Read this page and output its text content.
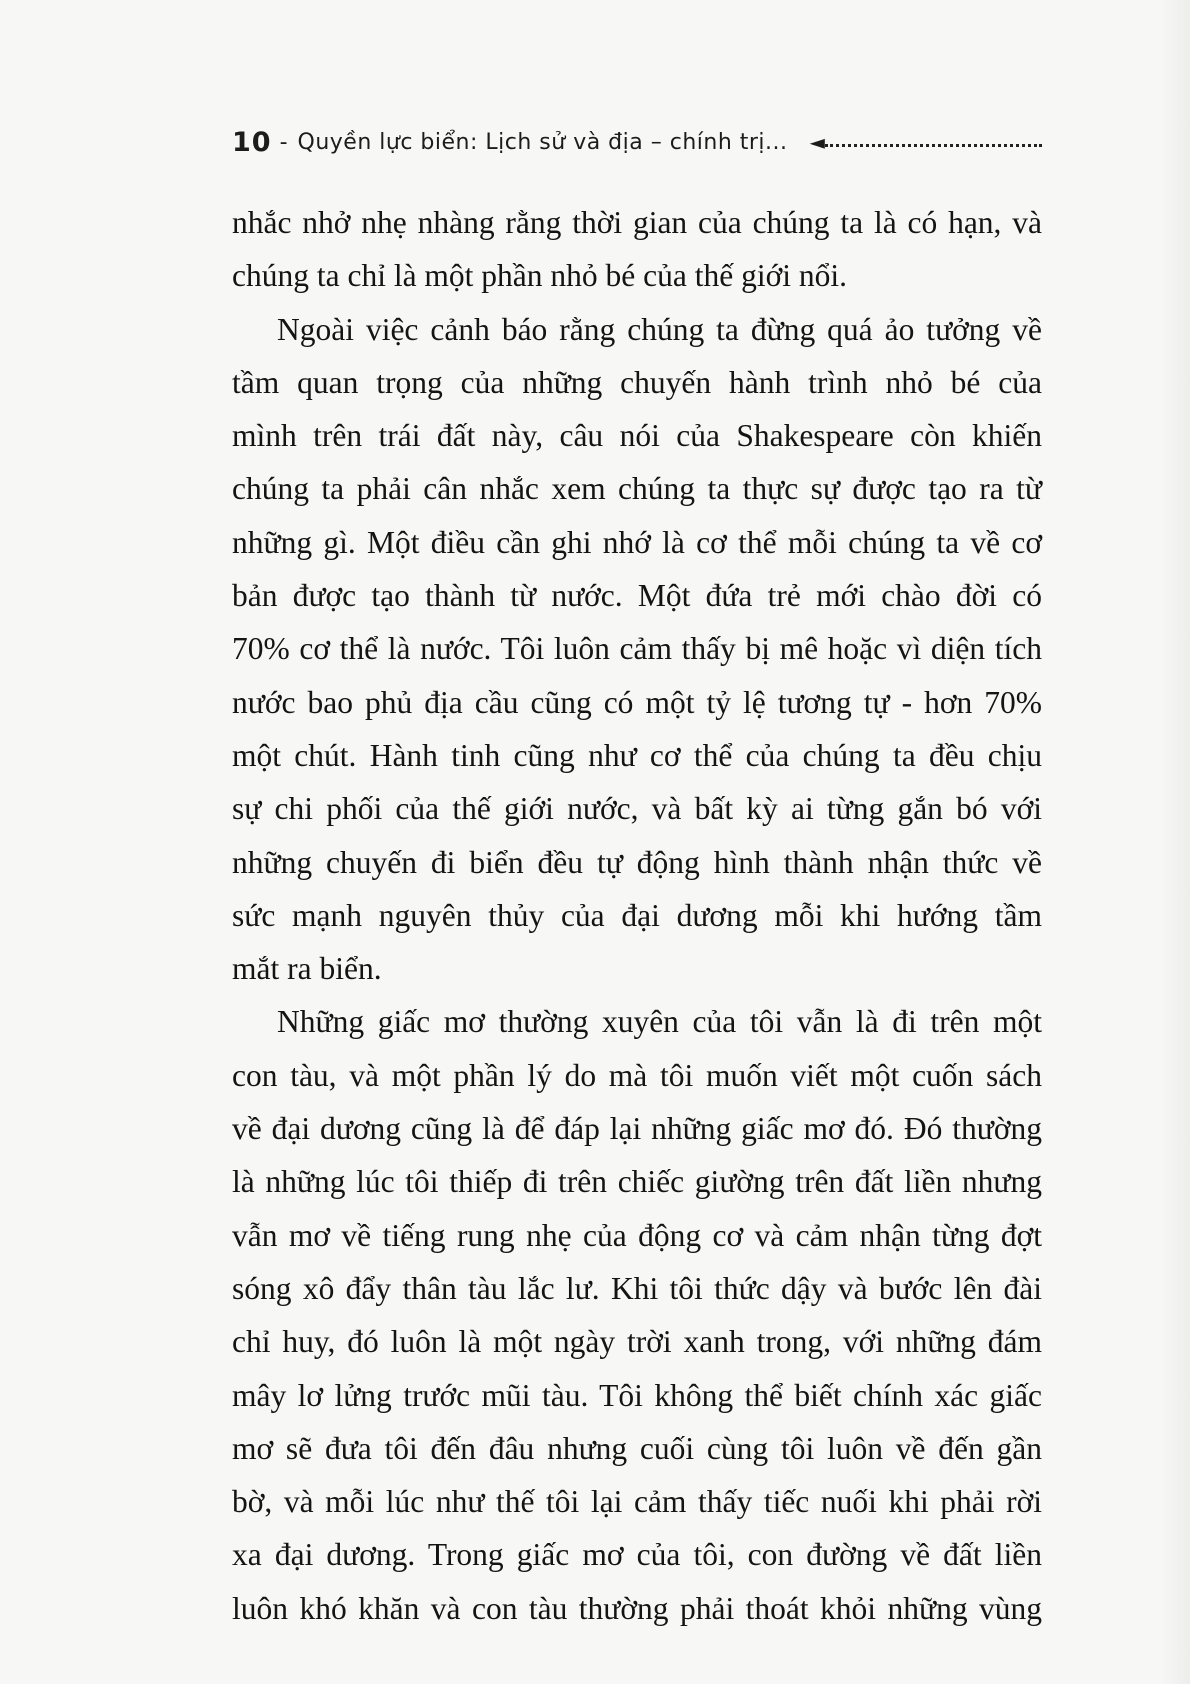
10 - Quyền lực biển: Lịch sử và địa – chính trị... ◄
nhắc nhở nhẹ nhàng rằng thời gian của chúng ta là có hạn, và
chúng ta chỉ là một phần nhỏ bé của thế giới nổi.
Ngoài việc cảnh báo rằng chúng ta đừng quá ảo tưởng về
tầm quan trọng của những chuyến hành trình nhỏ bé của
mình trên trái đất này, câu nói của Shakespeare còn khiến
chúng ta phải cân nhắc xem chúng ta thực sự được tạo ra từ
những gì. Một điều cần ghi nhớ là cơ thể mỗi chúng ta về cơ
bản được tạo thành từ nước. Một đứa trẻ mới chào đời có
70% cơ thể là nước. Tôi luôn cảm thấy bị mê hoặc vì diện tích
nước bao phủ địa cầu cũng có một tỷ lệ tương tự - hơn 70%
một chút. Hành tinh cũng như cơ thể của chúng ta đều chịu
sự chi phối của thế giới nước, và bất kỳ ai từng gắn bó với
những chuyến đi biển đều tự động hình thành nhận thức về
sức mạnh nguyên thủy của đại dương mỗi khi hướng tầm
mắt ra biển.
Những giấc mơ thường xuyên của tôi vẫn là đi trên một
con tàu, và một phần lý do mà tôi muốn viết một cuốn sách
về đại dương cũng là để đáp lại những giấc mơ đó. Đó thường
là những lúc tôi thiếp đi trên chiếc giường trên đất liền nhưng
vẫn mơ về tiếng rung nhẹ của động cơ và cảm nhận từng đợt
sóng xô đẩy thân tàu lắc lư. Khi tôi thức dậy và bước lên đài
chỉ huy, đó luôn là một ngày trời xanh trong, với những đám
mây lơ lửng trước mũi tàu. Tôi không thể biết chính xác giấc
mơ sẽ đưa tôi đến đâu nhưng cuối cùng tôi luôn về đến gần
bờ, và mỗi lúc như thế tôi lại cảm thấy tiếc nuối khi phải rời
xa đại dương. Trong giấc mơ của tôi, con đường về đất liền
luôn khó khăn và con tàu thường phải thoát khỏi những vùng
